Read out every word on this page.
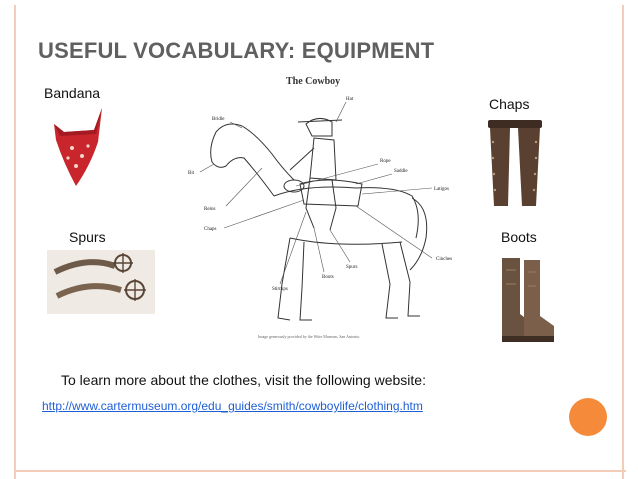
USEFUL VOCABULARY: EQUIPMENT
Bandana
Chaps
Spurs	Boots
The Cowboy
Hat
Bridle
Rope
Saddle
Latigos
Bit
Reins
Chaps
Cinches
Spurs
Boots
Stirrups
Image generously provided by the Witte Museum, San Antonio.
To learn more about the clothes, visit the following website:
http://www.cartermuseum.org/edu_guides/smith/cowboylife/clothing.htm
